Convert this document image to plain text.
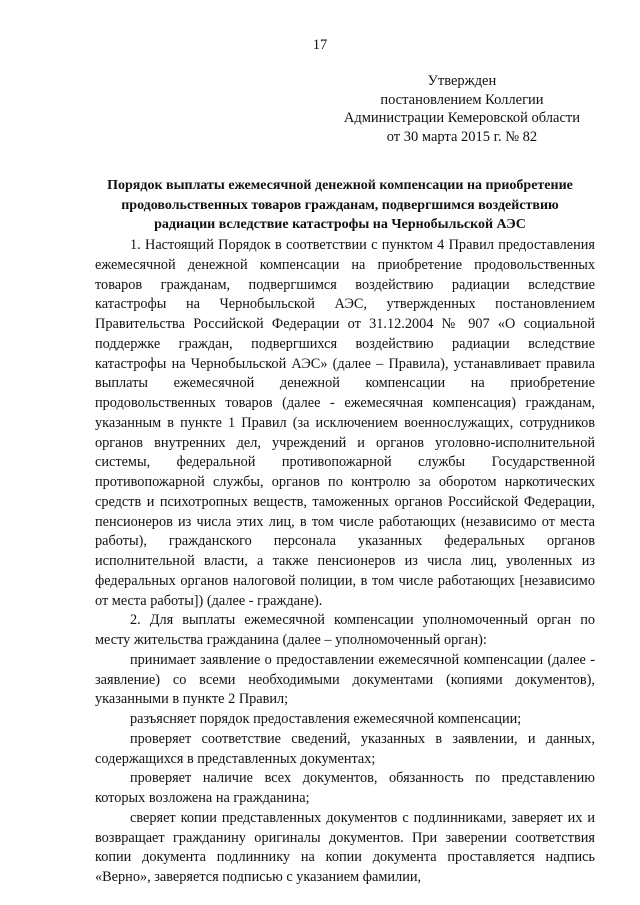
17
Утвержден
постановлением Коллегии
Администрации Кемеровской области
от 30 марта 2015 г. № 82
Порядок выплаты ежемесячной денежной компенсации на приобретение
продовольственных товаров гражданам, подвергшимся воздействию
радиации вследствие катастрофы на Чернобыльской АЭС

1. Настоящий Порядок в соответствии с пунктом 4 Правил предоставления ежемесячной денежной компенсации на приобретение продовольственных товаров гражданам, подвергшимся воздействию радиации вследствие катастрофы на Чернобыльской АЭС, утвержденных постановлением Правительства Российской Федерации от 31.12.2004 № 907 «О социальной поддержке граждан, подвергшихся воздействию радиации вследствие катастрофы на Чернобыльской АЭС» (далее – Правила), устанавливает правила выплаты ежемесячной денежной компенсации на приобретение продовольственных товаров (далее - ежемесячная компенсация) гражданам, указанным в пункте 1 Правил (за исключением военнослужащих, сотрудников органов внутренних дел, учреждений и органов уголовно-исполнительной системы, федеральной противопожарной службы Государственной противопожарной службы, органов по контролю за оборотом наркотических средств и психотропных веществ, таможенных органов Российской Федерации, пенсионеров из числа этих лиц, в том числе работающих (независимо от места работы), гражданского персонала указанных федеральных органов исполнительной власти, а также пенсионеров из числа лиц, уволенных из федеральных органов налоговой полиции, в том числе работающих [независимо от места работы]) (далее - граждане).

2. Для выплаты ежемесячной компенсации уполномоченный орган по месту жительства гражданина (далее – уполномоченный орган):

принимает заявление о предоставлении ежемесячной компенсации (далее - заявление) со всеми необходимыми документами (копиями документов), указанными в пункте 2 Правил;

разъясняет порядок предоставления ежемесячной компенсации;

проверяет соответствие сведений, указанных в заявлении, и данных, содержащихся в представленных документах;

проверяет наличие всех документов, обязанность по представлению которых возложена на гражданина;

сверяет копии представленных документов с подлинниками, заверяет их и возвращает гражданину оригиналы документов. При заверении соответствия копии документа подлиннику на копии документа проставляется надпись «Верно», заверяется подписью с указанием фамилии,
